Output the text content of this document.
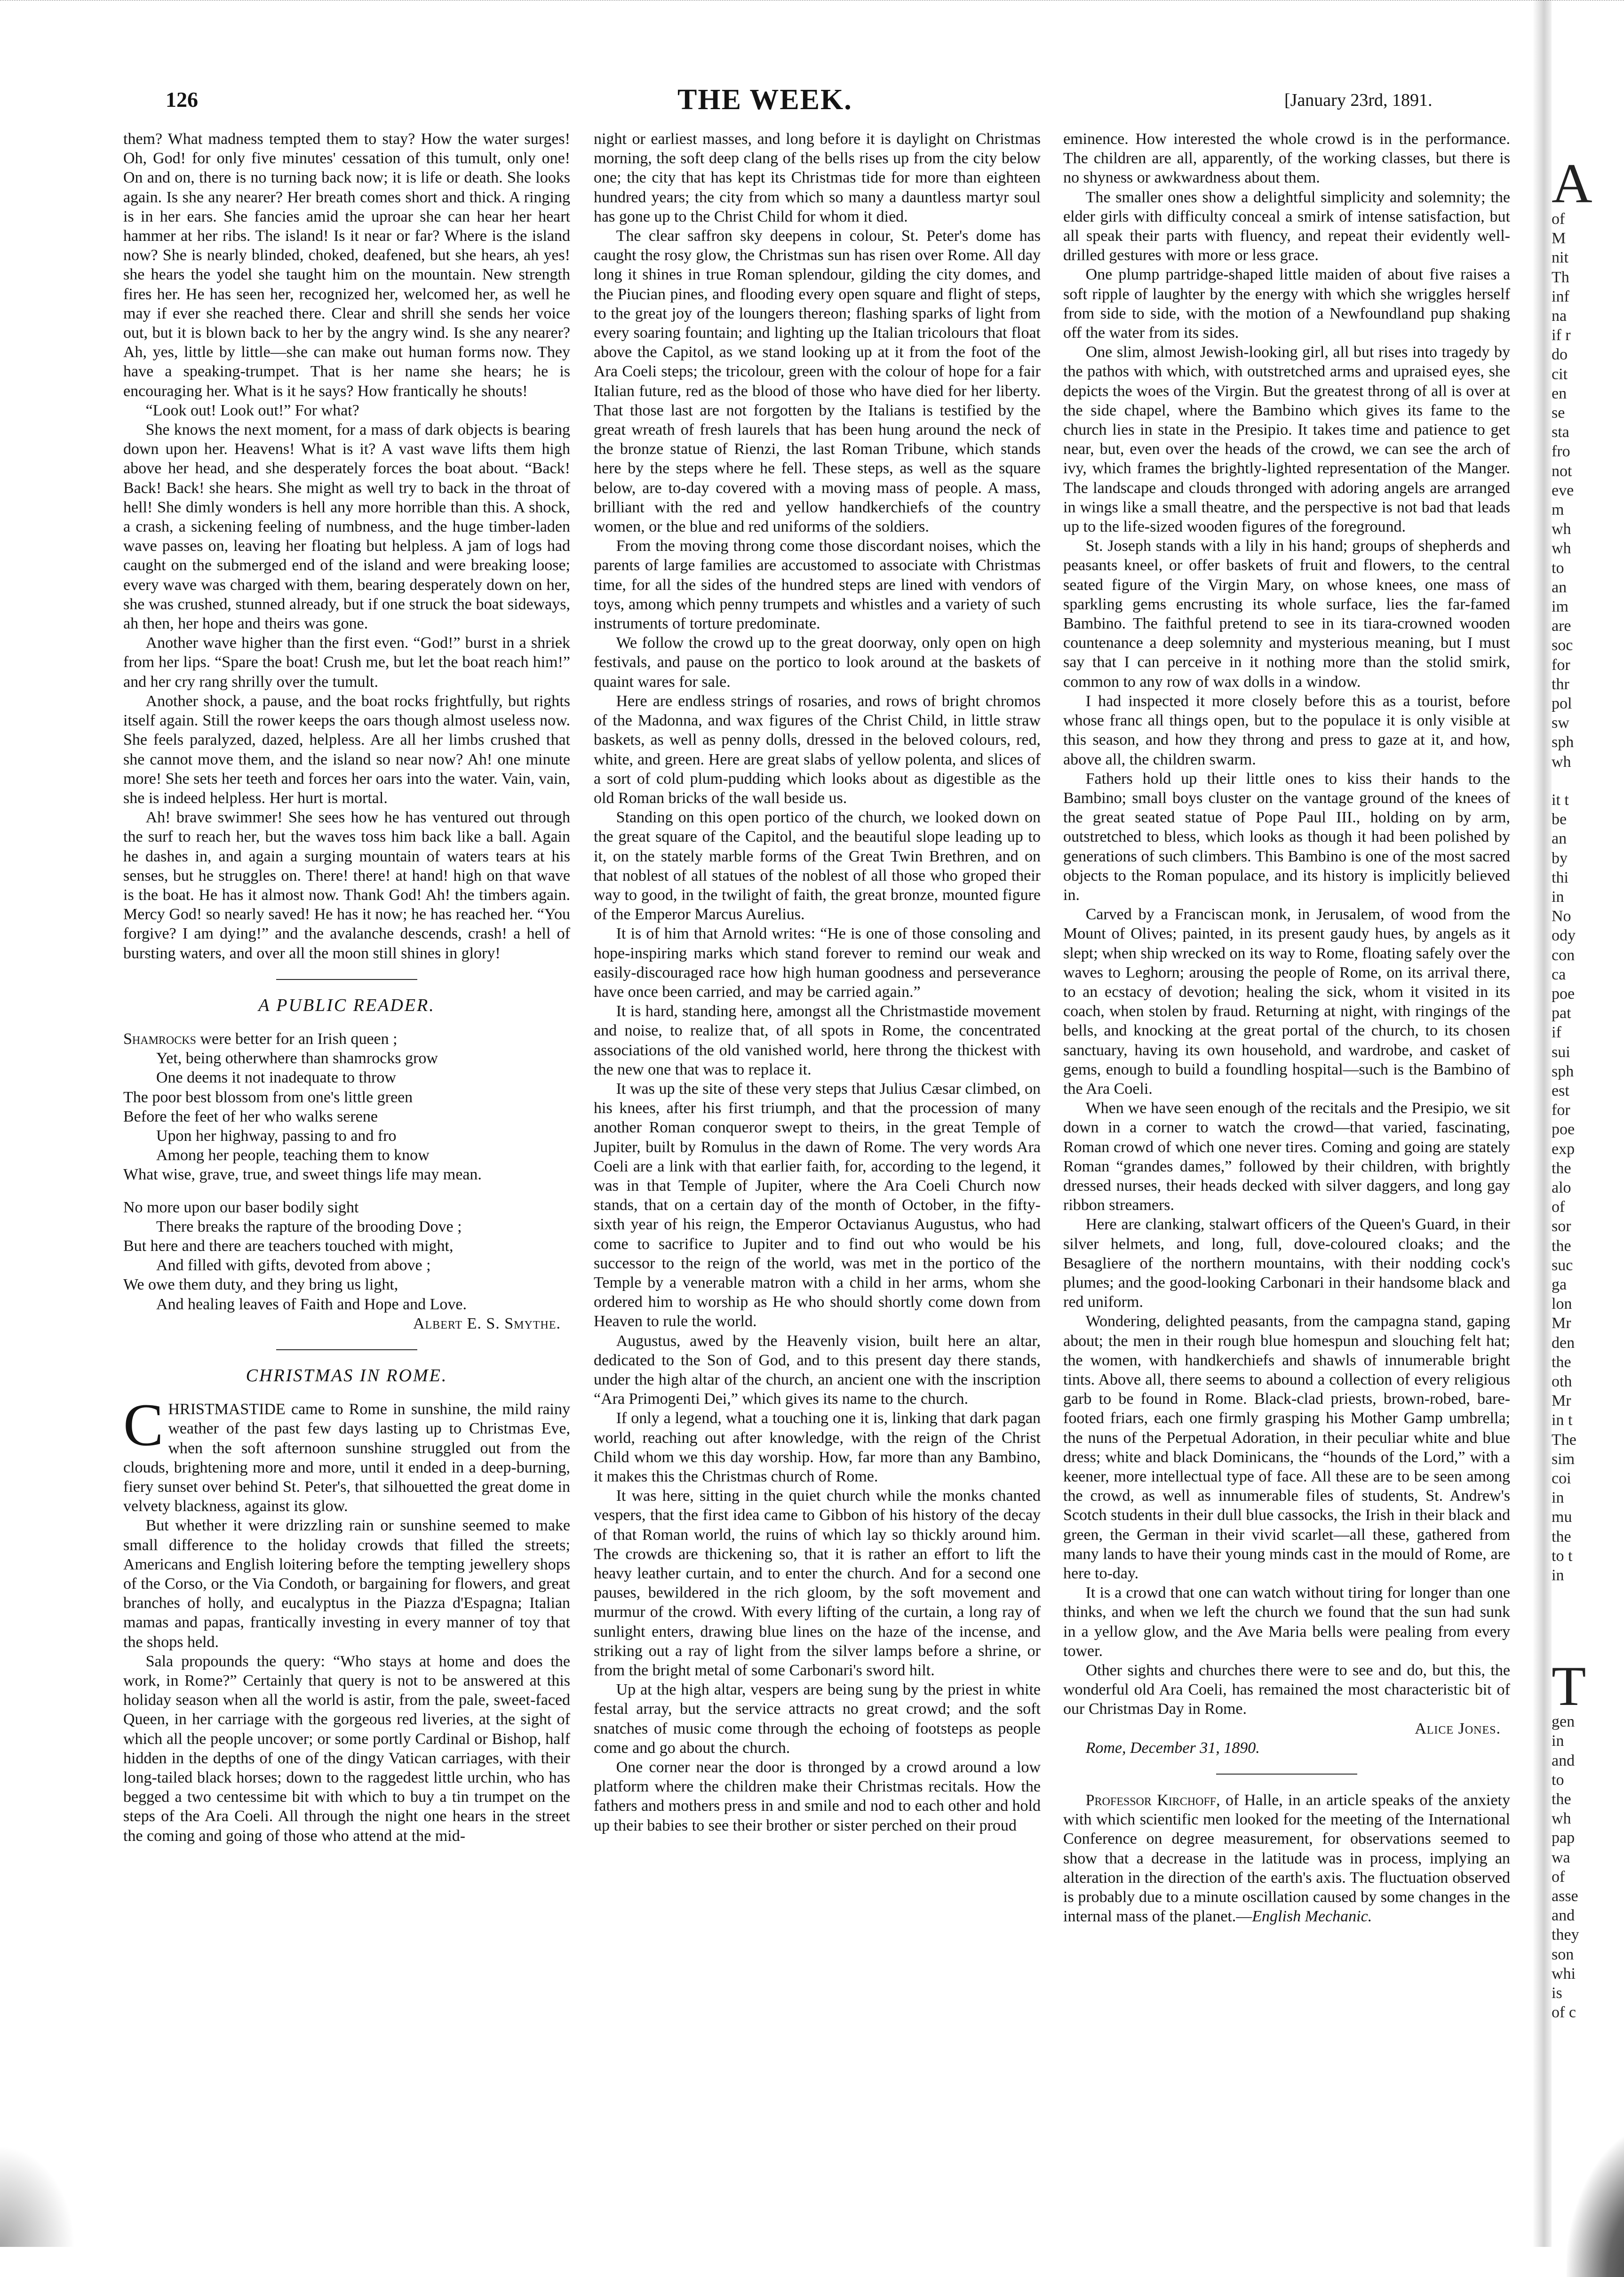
126	THE WEEK.	[January 23rd, 1891.

them? What madness tempted them to stay? How the water surges! Oh, God! for only five minutes' cessation of this tumult, only one! On and on, there is no turning back now; it is life or death. She looks again. Is she any nearer? Her breath comes short and thick. A ringing is in her ears. She fancies amid the uproar she can hear her heart hammer at her ribs. The island! Is it near or far? Where is the island now? She is nearly blinded, choked, deafened, but she hears, ah yes! she hears the yodel she taught him on the mountain. New strength fires her. He has seen her, recognized her, welcomed her, as well he may if ever she reached there. Clear and shrill she sends her voice out, but it is blown back to her by the angry wind. Is she any nearer? Ah, yes, little by little—she can make out human forms now. They have a speaking-trumpet. That is her name she hears; he is encouraging her. What is it he says? How frantically he shouts!

“Look out! Look out!” For what?

She knows the next moment, for a mass of dark objects is bearing down upon her. Heavens! What is it? A vast wave lifts them high above her head, and she desperately forces the boat about. “Back! Back! Back! she hears. She might as well try to back in the throat of hell! She dimly wonders is hell any more horrible than this. A shock, a crash, a sickening feeling of numbness, and the huge timber-laden wave passes on, leaving her floating but helpless. A jam of logs had caught on the submerged end of the island and were breaking loose; every wave was charged with them, bearing desperately down on her, she was crushed, stunned already, but if one struck the boat sideways, ah then, her hope and theirs was gone.

Another wave higher than the first even. “God!” burst in a shriek from her lips. “Spare the boat! Crush me, but let the boat reach him!” and her cry rang shrilly over the tumult.

Another shock, a pause, and the boat rocks frightfully, but rights itself again. Still the rower keeps the oars though almost useless now. She feels paralyzed, dazed, helpless. Are all her limbs crushed that she cannot move them, and the island so near now? Ah! one minute more! She sets her teeth and forces her oars into the water. Vain, vain, she is indeed helpless. Her hurt is mortal.

Ah! brave swimmer! She sees how he has ventured out through the surf to reach her, but the waves toss him back like a ball. Again he dashes in, and again a surging mountain of waters tears at his senses, but he struggles on. There! there! at hand! high on that wave is the boat. He has it almost now. Thank God! Ah! the timbers again. Mercy God! so nearly saved! He has it now; he has reached her. “You forgive? I am dying!” and the avalanche descends, crash! a hell of bursting waters, and over all the moon still shines in glory!

A PUBLIC READER.
Shamrocks were better for an Irish queen ;
Yet, being otherwhere than shamrocks grow
One deems it not inadequate to throw
The poor best blossom from one's little green
Before the feet of her who walks serene
Upon her highway, passing to and fro
Among her people, teaching them to know
What wise, grave, true, and sweet things life may mean.
No more upon our baser bodily sight
There breaks the rapture of the brooding Dove ;
But here and there are teachers touched with might,
And filled with gifts, devoted from above ;
We owe them duty, and they bring us light,
And healing leaves of Faith and Hope and Love.
Albert E. S. Smythe.
CHRISTMAS IN ROME.

CHRISTMASTIDE came to Rome in sunshine, the mild rainy weather of the past few days lasting up to Christmas Eve, when the soft afternoon sunshine struggled out from the clouds, brightening more and more, until it ended in a deep-burning, fiery sunset over behind St. Peter's, that silhouetted the great dome in velvety blackness, against its glow.

But whether it were drizzling rain or sunshine seemed to make small difference to the holiday crowds that filled the streets; Americans and English loitering before the tempting jewellery shops of the Corso, or the Via Condoth, or bargaining for flowers, and great branches of holly, and eucalyptus in the Piazza d'Espagna; Italian mamas and papas, frantically investing in every manner of toy that the shops held.

Sala propounds the query: “Who stays at home and does the work, in Rome?” Certainly that query is not to be answered at this holiday season when all the world is astir, from the pale, sweet-faced Queen, in her carriage with the gorgeous red liveries, at the sight of which all the people uncover; or some portly Cardinal or Bishop, half hidden in the depths of one of the dingy Vatican carriages, with their long-tailed black horses; down to the raggedest little urchin, who has begged a two centessime bit with which to buy a tin trumpet on the steps of the Ara Coeli. All through the night one hears in the street the coming and going of those who attend at the mid-

night or earliest masses, and long before it is daylight on Christmas morning, the soft deep clang of the bells rises up from the city below one; the city that has kept its Christmas tide for more than eighteen hundred years; the city from which so many a dauntless martyr soul has gone up to the Christ Child for whom it died.

The clear saffron sky deepens in colour, St. Peter's dome has caught the rosy glow, the Christmas sun has risen over Rome. All day long it shines in true Roman splendour, gilding the city domes, and the Piucian pines, and flooding every open square and flight of steps, to the great joy of the loungers thereon; flashing sparks of light from every soaring fountain; and lighting up the Italian tricolours that float above the Capitol, as we stand looking up at it from the foot of the Ara Coeli steps; the tricolour, green with the colour of hope for a fair Italian future, red as the blood of those who have died for her liberty. That those last are not forgotten by the Italians is testified by the great wreath of fresh laurels that has been hung around the neck of the bronze statue of Rienzi, the last Roman Tribune, which stands here by the steps where he fell. These steps, as well as the square below, are to-day covered with a moving mass of people. A mass, brilliant with the red and yellow handkerchiefs of the country women, or the blue and red uniforms of the soldiers.

From the moving throng come those discordant noises, which the parents of large families are accustomed to associate with Christmas time, for all the sides of the hundred steps are lined with vendors of toys, among which penny trumpets and whistles and a variety of such instruments of torture predominate.

We follow the crowd up to the great doorway, only open on high festivals, and pause on the portico to look around at the baskets of quaint wares for sale.

Here are endless strings of rosaries, and rows of bright chromos of the Madonna, and wax figures of the Christ Child, in little straw baskets, as well as penny dolls, dressed in the beloved colours, red, white, and green. Here are great slabs of yellow polenta, and slices of a sort of cold plum-pudding which looks about as digestible as the old Roman bricks of the wall beside us.

Standing on this open portico of the church, we looked down on the great square of the Capitol, and the beautiful slope leading up to it, on the stately marble forms of the Great Twin Brethren, and on that noblest of all statues of the noblest of all those who groped their way to good, in the twilight of faith, the great bronze, mounted figure of the Emperor Marcus Aurelius.

It is of him that Arnold writes: “He is one of those consoling and hope-inspiring marks which stand forever to remind our weak and easily-discouraged race how high human goodness and perseverance have once been carried, and may be carried again.”

It is hard, standing here, amongst all the Christmastide movement and noise, to realize that, of all spots in Rome, the concentrated associations of the old vanished world, here throng the thickest with the new one that was to replace it.

It was up the site of these very steps that Julius Cæsar climbed, on his knees, after his first triumph, and that the procession of many another Roman conqueror swept to theirs, in the great Temple of Jupiter, built by Romulus in the dawn of Rome. The very words Ara Coeli are a link with that earlier faith, for, according to the legend, it was in that Temple of Jupiter, where the Ara Coeli Church now stands, that on a certain day of the month of October, in the fifty-sixth year of his reign, the Emperor Octavianus Augustus, who had come to sacrifice to Jupiter and to find out who would be his successor to the reign of the world, was met in the portico of the Temple by a venerable matron with a child in her arms, whom she ordered him to worship as He who should shortly come down from Heaven to rule the world.

Augustus, awed by the Heavenly vision, built here an altar, dedicated to the Son of God, and to this present day there stands, under the high altar of the church, an ancient one with the inscription “Ara Primogenti Dei,” which gives its name to the church.

If only a legend, what a touching one it is, linking that dark pagan world, reaching out after knowledge, with the reign of the Christ Child whom we this day worship. How, far more than any Bambino, it makes this the Christmas church of Rome.

It was here, sitting in the quiet church while the monks chanted vespers, that the first idea came to Gibbon of his history of the decay of that Roman world, the ruins of which lay so thickly around him. The crowds are thickening so, that it is rather an effort to lift the heavy leather curtain, and to enter the church. And for a second one pauses, bewildered in the rich gloom, by the soft movement and murmur of the crowd. With every lifting of the curtain, a long ray of sunlight enters, drawing blue lines on the haze of the incense, and striking out a ray of light from the silver lamps before a shrine, or from the bright metal of some Carbonari's sword hilt.

Up at the high altar, vespers are being sung by the priest in white festal array, but the service attracts no great crowd; and the soft snatches of music come through the echoing of footsteps as people come and go about the church.

One corner near the door is thronged by a crowd around a low platform where the children make their Christmas recitals. How the fathers and mothers press in and smile and nod to each other and hold up their babies to see their brother or sister perched on their proud

eminence. How interested the whole crowd is in the performance. The children are all, apparently, of the working classes, but there is no shyness or awkwardness about them.

The smaller ones show a delightful simplicity and solemnity; the elder girls with difficulty conceal a smirk of intense satisfaction, but all speak their parts with fluency, and repeat their evidently well-drilled gestures with more or less grace.

One plump partridge-shaped little maiden of about five raises a soft ripple of laughter by the energy with which she wriggles herself from side to side, with the motion of a Newfoundland pup shaking off the water from its sides.

One slim, almost Jewish-looking girl, all but rises into tragedy by the pathos with which, with outstretched arms and upraised eyes, she depicts the woes of the Virgin. But the greatest throng of all is over at the side chapel, where the Bambino which gives its fame to the church lies in state in the Presipio. It takes time and patience to get near, but, even over the heads of the crowd, we can see the arch of ivy, which frames the brightly-lighted representation of the Manger. The landscape and clouds thronged with adoring angels are arranged in wings like a small theatre, and the perspective is not bad that leads up to the life-sized wooden figures of the foreground.

St. Joseph stands with a lily in his hand; groups of shepherds and peasants kneel, or offer baskets of fruit and flowers, to the central seated figure of the Virgin Mary, on whose knees, one mass of sparkling gems encrusting its whole surface, lies the far-famed Bambino. The faithful pretend to see in its tiara-crowned wooden countenance a deep solemnity and mysterious meaning, but I must say that I can perceive in it nothing more than the stolid smirk, common to any row of wax dolls in a window.

I had inspected it more closely before this as a tourist, before whose franc all things open, but to the populace it is only visible at this season, and how they throng and press to gaze at it, and how, above all, the children swarm.

Fathers hold up their little ones to kiss their hands to the Bambino; small boys cluster on the vantage ground of the knees of the great seated statue of Pope Paul III., holding on by arm, outstretched to bless, which looks as though it had been polished by generations of such climbers. This Bambino is one of the most sacred objects to the Roman populace, and its history is implicitly believed in.

Carved by a Franciscan monk, in Jerusalem, of wood from the Mount of Olives; painted, in its present gaudy hues, by angels as it slept; when ship wrecked on its way to Rome, floating safely over the waves to Leghorn; arousing the people of Rome, on its arrival there, to an ecstacy of devotion; healing the sick, whom it visited in its coach, when stolen by fraud. Returning at night, with ringings of the bells, and knocking at the great portal of the church, to its chosen sanctuary, having its own household, and wardrobe, and casket of gems, enough to build a foundling hospital—such is the Bambino of the Ara Coeli.

When we have seen enough of the recitals and the Presipio, we sit down in a corner to watch the crowd—that varied, fascinating, Roman crowd of which one never tires. Coming and going are stately Roman “grandes dames,” followed by their children, with brightly dressed nurses, their heads decked with silver daggers, and long gay ribbon streamers.

Here are clanking, stalwart officers of the Queen's Guard, in their silver helmets, and long, full, dove-coloured cloaks; and the Besagliere of the northern mountains, with their nodding cock's plumes; and the good-looking Carbonari in their handsome black and red uniform.

Wondering, delighted peasants, from the campagna stand, gaping about; the men in their rough blue homespun and slouching felt hat; the women, with handkerchiefs and shawls of innumerable bright tints. Above all, there seems to abound a collection of every religious garb to be found in Rome. Black-clad priests, brown-robed, bare-footed friars, each one firmly grasping his Mother Gamp umbrella; the nuns of the Perpetual Adoration, in their peculiar white and blue dress; white and black Dominicans, the “hounds of the Lord,” with a keener, more intellectual type of face. All these are to be seen among the crowd, as well as innumerable files of students, St. Andrew's Scotch students in their dull blue cassocks, the Irish in their black and green, the German in their vivid scarlet—all these, gathered from many lands to have their young minds cast in the mould of Rome, are here to-day.

It is a crowd that one can watch without tiring for longer than one thinks, and when we left the church we found that the sun had sunk in a yellow glow, and the Ave Maria bells were pealing from every tower.

Other sights and churches there were to see and do, but this, the wonderful old Ara Coeli, has remained the most characteristic bit of our Christmas Day in Rome.

Alice Jones.

Rome, December 31, 1890.

Professor Kirchoff, of Halle, in an article speaks of the anxiety with which scientific men looked for the meeting of the International Conference on degree measurement, for observations seemed to show that a decrease in the latitude was in process, implying an alteration in the direction of the earth's axis. The fluctuation observed is probably due to a minute oscillation caused by some changes in the internal mass of the planet.—English Mechanic.

A
of
M
nit
Th
inf
na
if r
do
cit
en
se
sta
fro
not
eve
m
wh
wh
to
an
im
are
soc
for
thr
pol
sw
sph
wh
it t
be
an
by
thi
in
No
ody
con
ca
poe
pat
if
sui
sph
est
for
poe
exp
the
alo
of
sor
the
suc
ga
lon
Mr
den
the
oth
Mr
in t
The
sim
coi
in
mu
the
to t
in
T
gen
in
and
to
the
wh
pap
wa
of
asse
and
they
son
whi
is
of c
